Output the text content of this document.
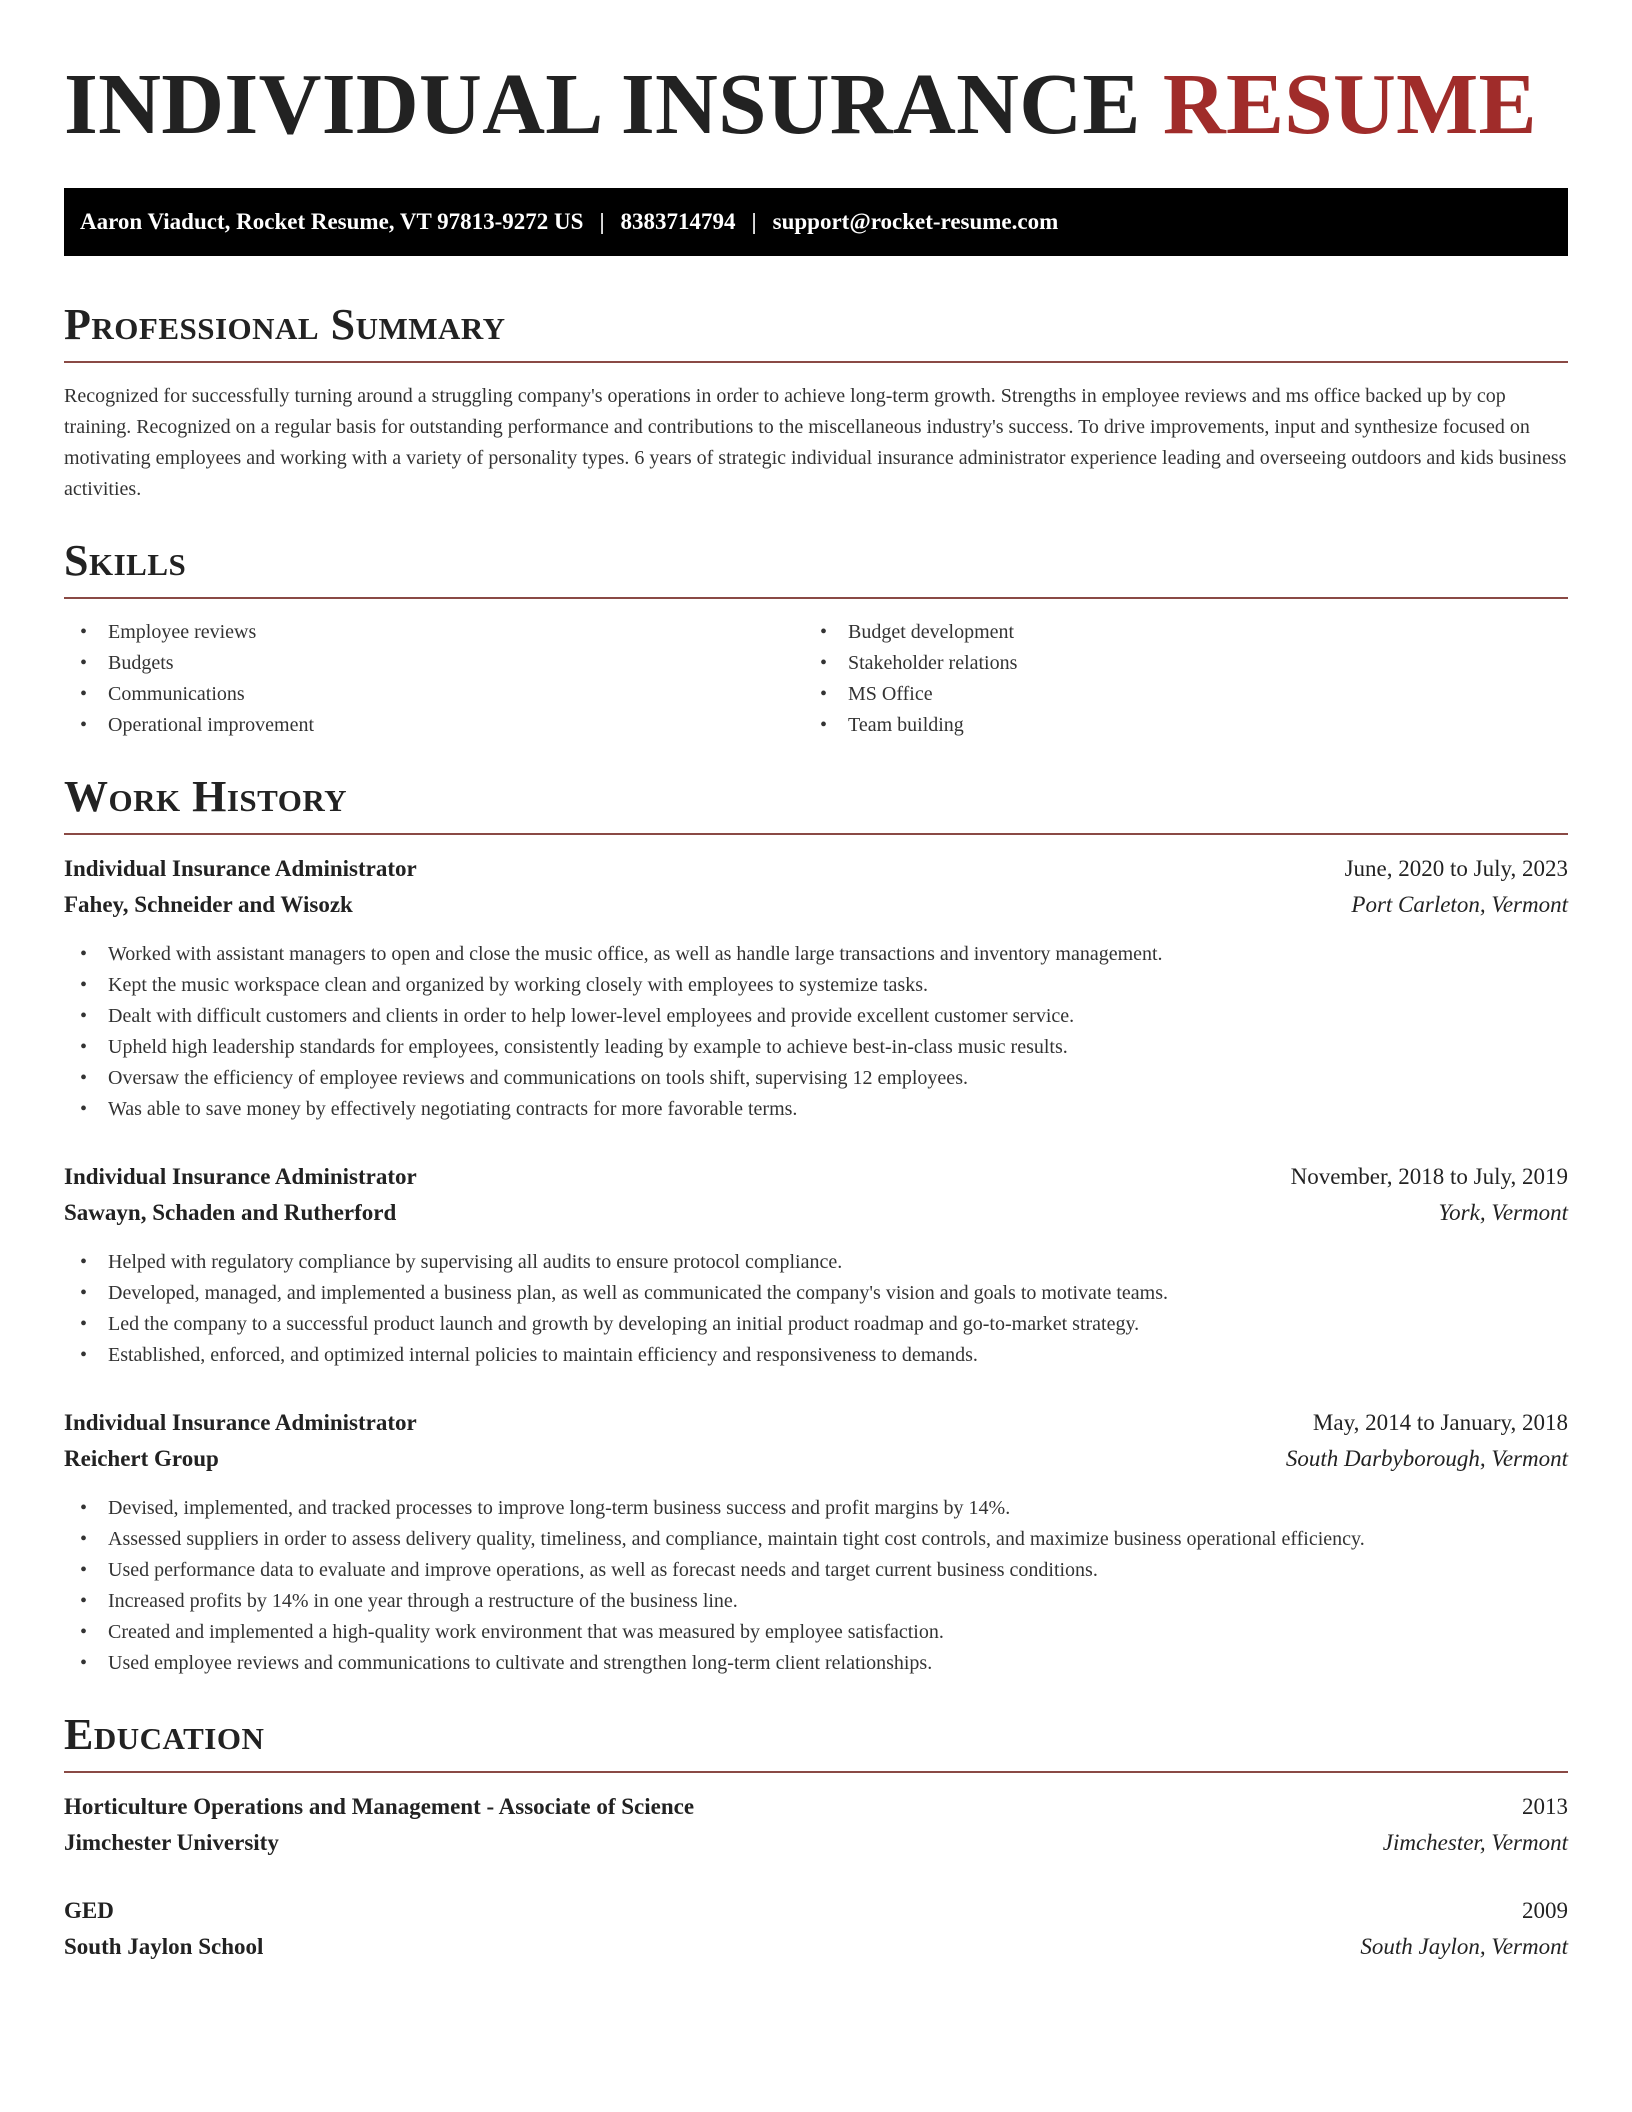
INDIVIDUAL INSURANCE RESUME
Aaron Viaduct, Rocket Resume, VT 97813-9272 US | 8383714794 | support@rocket-resume.com
Professional Summary

Recognized for successfully turning around a struggling company's operations in order to achieve long-term growth. Strengths in employee reviews and ms office backed up by cop training. Recognized on a regular basis for outstanding performance and contributions to the miscellaneous industry's success. To drive improvements, input and synthesize focused on motivating employees and working with a variety of personality types. 6 years of strategic individual insurance administrator experience leading and overseeing outdoors and kids business activities.

Skills
• Employee reviews
• Budgets
• Communications
• Operational improvement
• Budget development
• Stakeholder relations
• MS Office
• Team building
Work History
Individual Insurance Administrator	June, 2020 to July, 2023
Fahey, Schneider and Wisozk	Port Carleton, Vermont
• Worked with assistant managers to open and close the music office, as well as handle large transactions and inventory management.
• Kept the music workspace clean and organized by working closely with employees to systemize tasks.
• Dealt with difficult customers and clients in order to help lower-level employees and provide excellent customer service.
• Upheld high leadership standards for employees, consistently leading by example to achieve best-in-class music results.
• Oversaw the efficiency of employee reviews and communications on tools shift, supervising 12 employees.
• Was able to save money by effectively negotiating contracts for more favorable terms.
Individual Insurance Administrator	November, 2018 to July, 2019
Sawayn, Schaden and Rutherford	York, Vermont
• Helped with regulatory compliance by supervising all audits to ensure protocol compliance.
• Developed, managed, and implemented a business plan, as well as communicated the company's vision and goals to motivate teams.
• Led the company to a successful product launch and growth by developing an initial product roadmap and go-to-market strategy.
• Established, enforced, and optimized internal policies to maintain efficiency and responsiveness to demands.
Individual Insurance Administrator	May, 2014 to January, 2018
Reichert Group	South Darbyborough, Vermont
• Devised, implemented, and tracked processes to improve long-term business success and profit margins by 14%.
• Assessed suppliers in order to assess delivery quality, timeliness, and compliance, maintain tight cost controls, and maximize business operational efficiency.
• Used performance data to evaluate and improve operations, as well as forecast needs and target current business conditions.
• Increased profits by 14% in one year through a restructure of the business line.
• Created and implemented a high-quality work environment that was measured by employee satisfaction.
• Used employee reviews and communications to cultivate and strengthen long-term client relationships.
Education
Horticulture Operations and Management - Associate of Science	2013
Jimchester University	Jimchester, Vermont
GED	2009
South Jaylon School	South Jaylon, Vermont
